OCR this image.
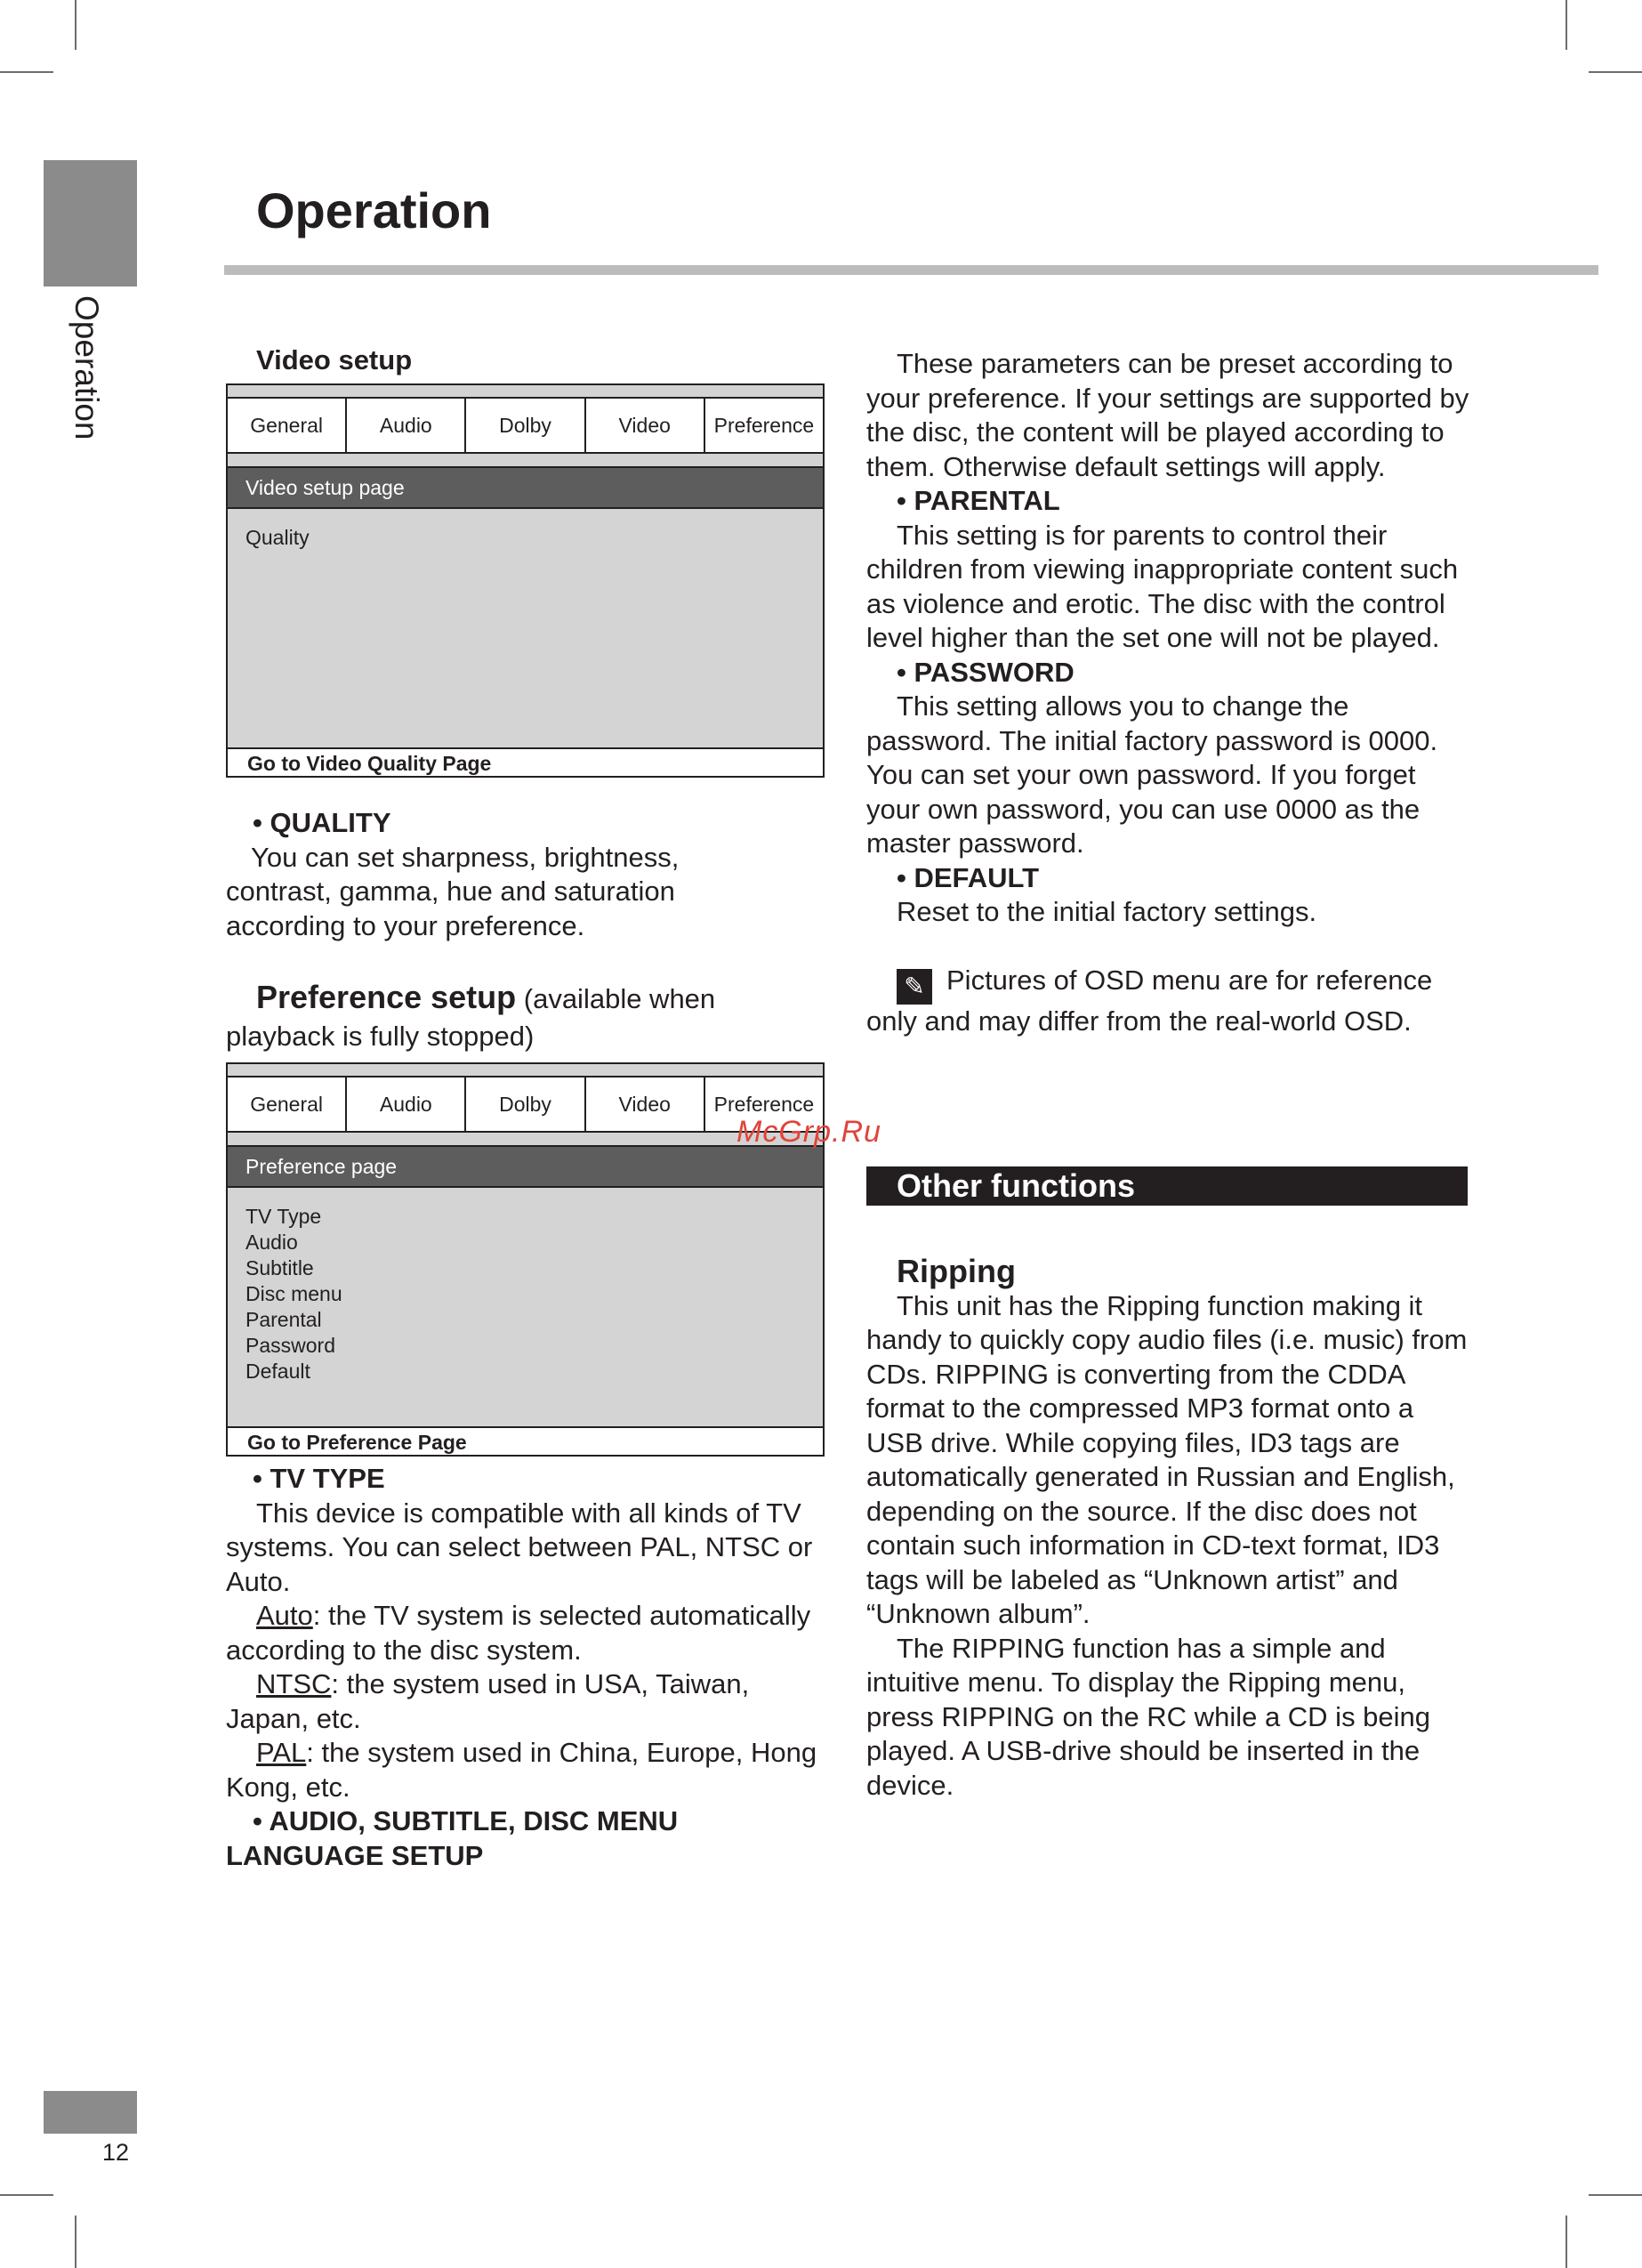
Operation
12
Operation
Video setup
General	Audio	Dolby	Video	Preference
Video setup page
Quality
Go to Video Quality Page

• QUALITY

You can set sharpness, brightness, contrast, gamma, hue and saturation according to your preference.

Preference setup (available when playback is fully stopped)

General	Audio	Dolby	Video	Preference
Preference page
TV Type
Audio
Subtitle
Disc menu
Parental
Password
Default
Go to Preference Page

• TV TYPE

This device is compatible with all kinds of TV systems. You can select between PAL, NTSC or Auto.

Auto: the TV system is selected automatically according to the disc system.

NTSC: the system used in USA, Taiwan, Japan, etc.

PAL: the system used in China, Europe, Hong Kong, etc.

• AUDIO, SUBTITLE, DISC MENU LANGUAGE SETUP

These parameters can be preset according to your preference. If your settings are supported by the disc, the content will be played according to them. Otherwise default settings will apply.

• PARENTAL

This setting is for parents to control their children from viewing inappropriate content such as violence and erotic. The disc with the control level higher than the set one will not be played.

• PASSWORD

This setting allows you to change the password. The initial factory password is 0000. You can set your own password. If you forget your own password, you can use 0000 as the master password.

• DEFAULT

Reset to the initial factory settings.

✎ Pictures of OSD menu are for reference only and may differ from the real-world OSD.

McGrp.Ru
Other functions

Ripping

This unit has the Ripping function making it handy to quickly copy audio files (i.e. music) from CDs. RIPPING is converting from the CDDA format to the compressed MP3 format onto a USB drive. While copying files, ID3 tags are automatically generated in Russian and English, depending on the source. If the disc does not contain such information in CD-text format, ID3 tags will be labeled as “Unknown artist” and “Unknown album”.

The RIPPING function has a simple and intuitive menu. To display the Ripping menu, press RIPPING on the RC while a CD is being played. A USB-drive should be inserted in the device.
